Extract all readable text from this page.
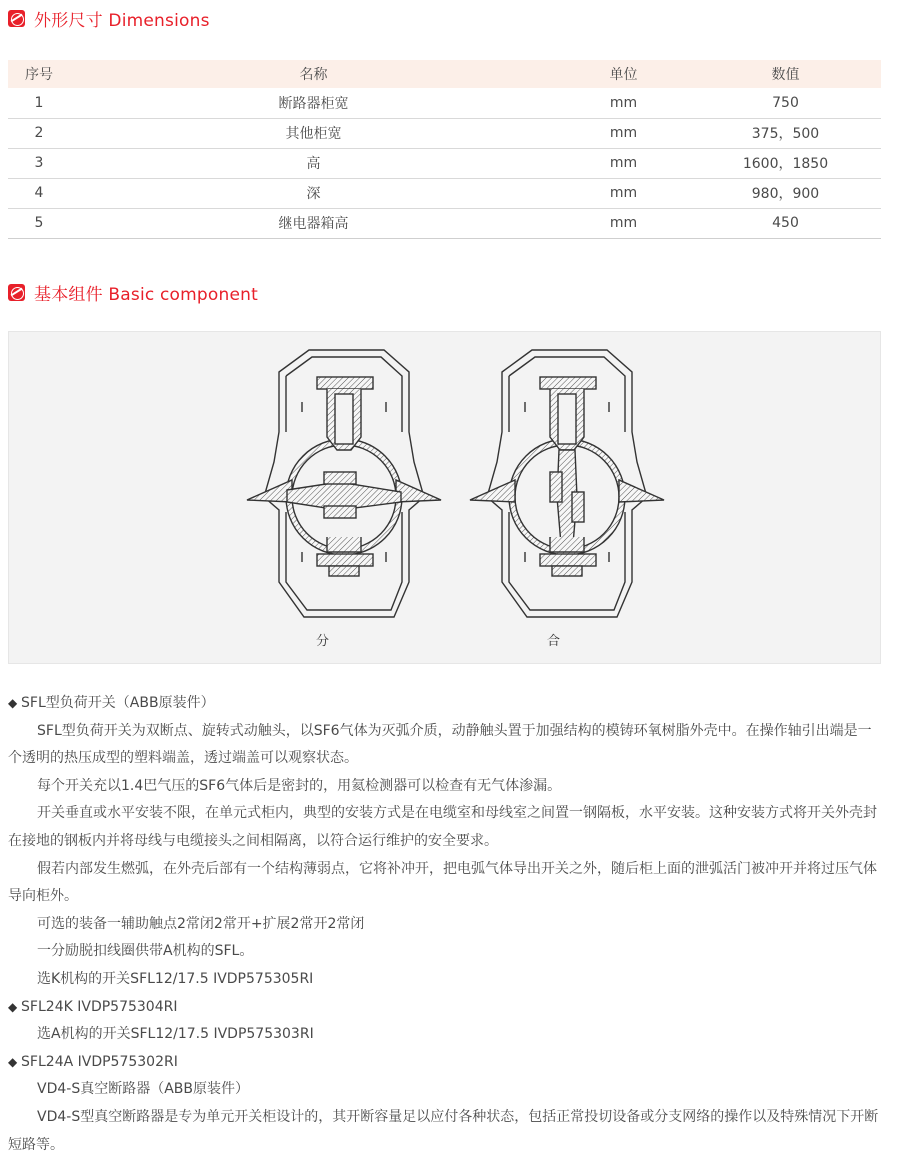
外形尺寸 Dimensions
序号	名称	单位	数值
1	断路器柜宽	mm	750
2	其他柜宽	mm	375，500
3	高	mm	1600，1850
4	深	mm	980，900
5	继电器箱高	mm	450
基本组件 Basic component
分	合

◆ SFL型负荷开关（ABB原装件）

SFL型负荷开关为双断点、旋转式动触头，以SF6气体为灭弧介质，动静触头置于加强结构的模铸环氧树脂外壳中。在操作轴引出端是一个透明的热压成型的塑料端盖，透过端盖可以观察状态。

每个开关充以1.4巴气压的SF6气体后是密封的，用氦检测器可以检查有无气体渗漏。

开关垂直或水平安装不限，在单元式柜内，典型的安装方式是在电缆室和母线室之间置一钢隔板，水平安装。这种安装方式将开关外壳封在接地的钢板内并将母线与电缆接头之间相隔离，以符合运行维护的安全要求。

假若内部发生燃弧，在外壳后部有一个结构薄弱点，它将补冲开，把电弧气体导出开关之外，随后柜上面的泄弧活门被冲开并将过压气体导向柜外。

可选的装备一辅助触点2常闭2常开+扩展2常开2常闭

一分励脱扣线圈供带A机构的SFL。

选K机构的开关SFL12/17.5 IVDP575305RI

◆ SFL24K IVDP575304RI

选A机构的开关SFL12/17.5 IVDP575303RI

◆ SFL24A IVDP575302RI

VD4-S真空断路器（ABB原装件）

VD4-S型真空断路器是专为单元开关柜设计的，其开断容量足以应付各种状态，包括正常投切设备或分支网络的操作以及特殊情况下开断短路等。
